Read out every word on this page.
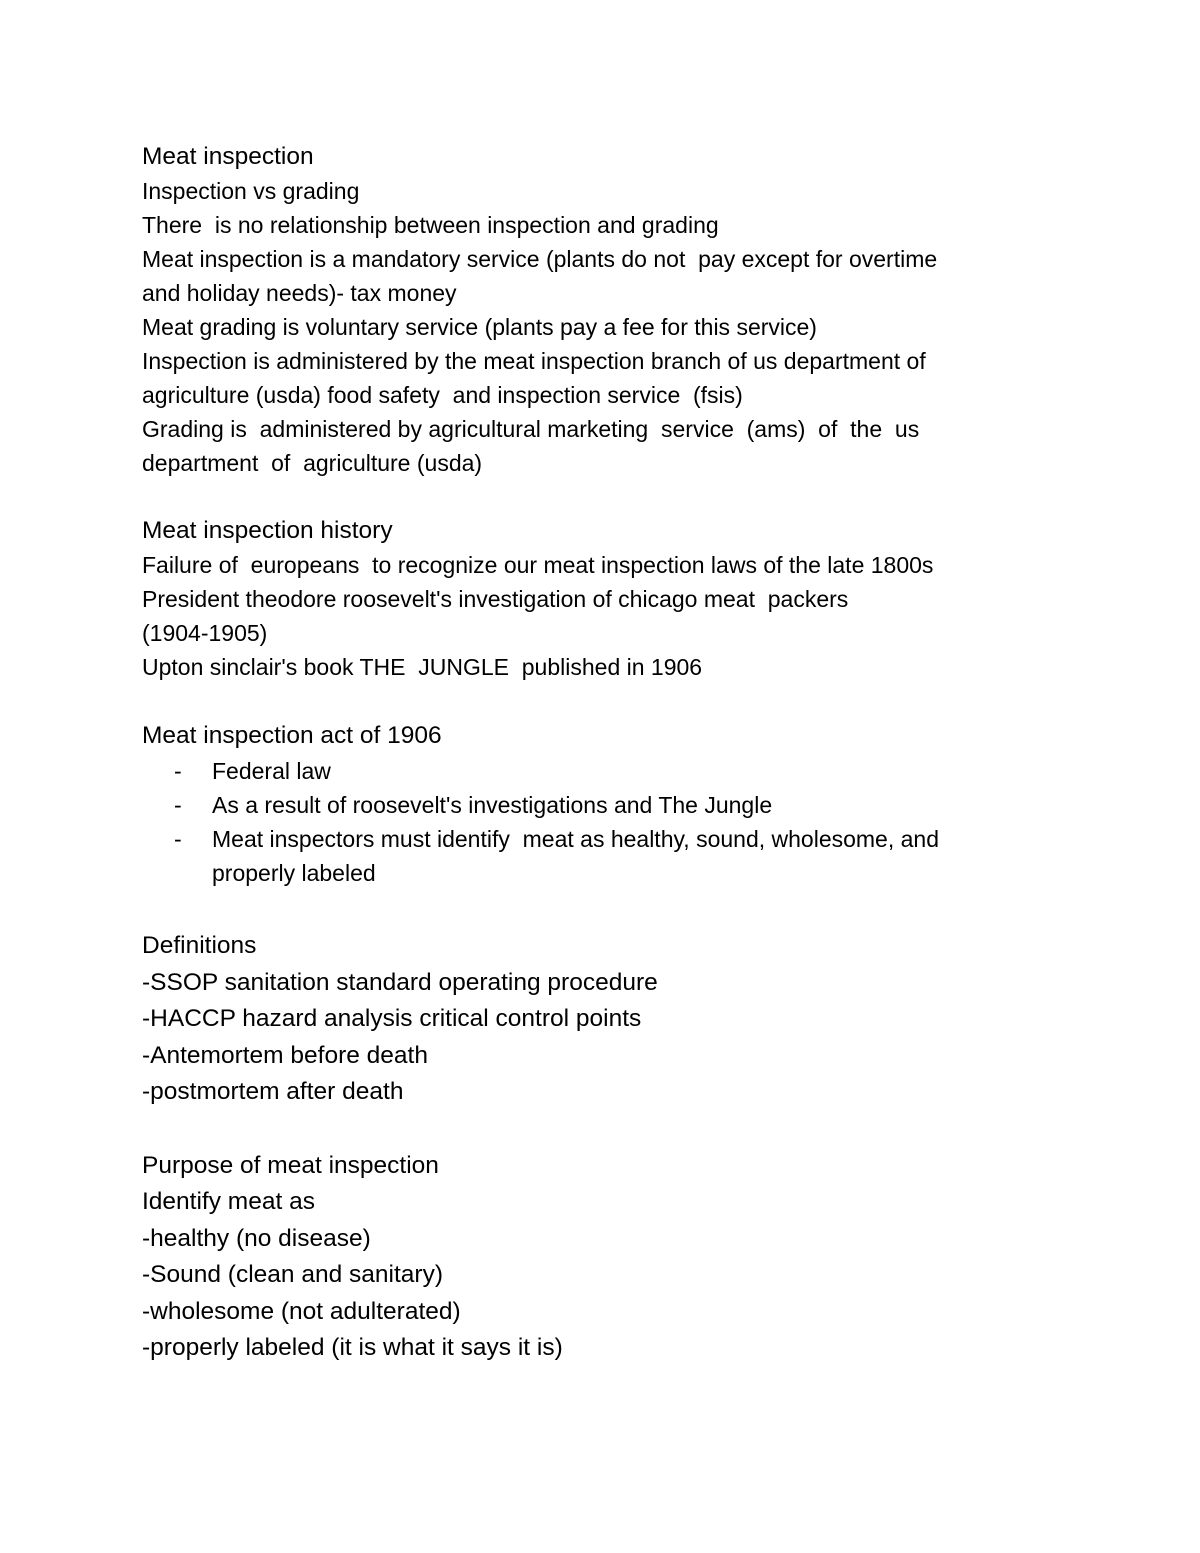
Meat inspection
Inspection vs grading
There  is no relationship between inspection and grading
Meat inspection is a mandatory service (plants do not  pay except for overtime
and holiday needs)- tax money
Meat grading is voluntary service (plants pay a fee for this service)
Inspection is administered by the meat inspection branch of us department of
agriculture (usda) food safety  and inspection service  (fsis)
Grading is  administered by agricultural marketing  service  (ams)  of  the  us
department  of  agriculture (usda)
Meat inspection history
Failure of  europeans  to recognize our meat inspection laws of the late 1800s
President theodore roosevelt's investigation of chicago meat  packers
(1904-1905)
Upton sinclair's book THE  JUNGLE  published in 1906
Meat inspection act of 1906
- Federal law
- As a result of roosevelt's investigations and The Jungle
- Meat inspectors must identify  meat as healthy, sound, wholesome, and
properly labeled
Definitions
-SSOP sanitation standard operating procedure
-HACCP hazard analysis critical control points
-Antemortem before death
-postmortem after death
Purpose of meat inspection
Identify meat as
-healthy (no disease)
-Sound (clean and sanitary)
-wholesome (not adulterated)
-properly labeled (it is what it says it is)
